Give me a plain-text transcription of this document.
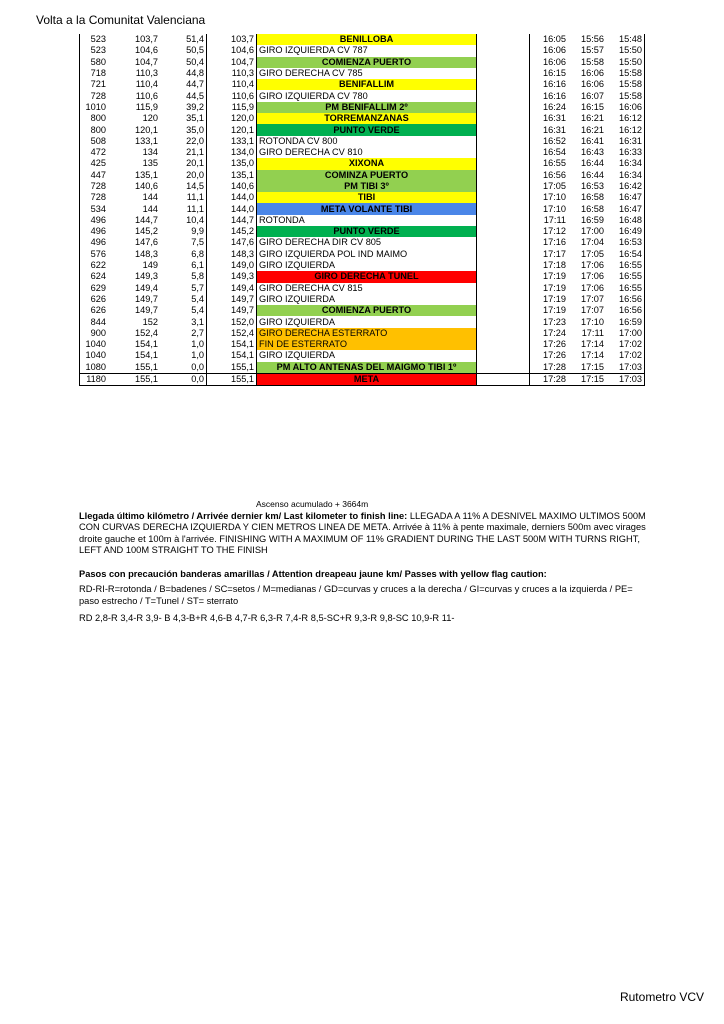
Volta a la Comunitat Valenciana
523	103,7	51,4	103,7	BENILLOBA		16:05	15:56	15:48
523	104,6	50,5	104,6	GIRO IZQUIERDA CV 787		16:06	15:57	15:50
580	104,7	50,4	104,7	COMIENZA PUERTO		16:06	15:58	15:50
718	110,3	44,8	110,3	GIRO DERECHA CV 785		16:15	16:06	15:58
721	110,4	44,7	110,4	BENIFALLIM		16:16	16:06	15:58
728	110,6	44,5	110,6	GIRO IZQUIERDA CV 780		16:16	16:07	15:58
1010	115,9	39,2	115,9	PM BENIFALLIM 2º		16:24	16:15	16:06
800	120	35,1	120,0	TORREMANZANAS		16:31	16:21	16:12
800	120,1	35,0	120,1	PUNTO VERDE		16:31	16:21	16:12
508	133,1	22,0	133,1	ROTONDA CV 800		16:52	16:41	16:31
472	134	21,1	134,0	GIRO DERECHA CV 810		16:54	16:43	16:33
425	135	20,1	135,0	XIXONA		16:55	16:44	16:34
447	135,1	20,0	135,1	COMINZA PUERTO		16:56	16:44	16:34
728	140,6	14,5	140,6	PM TIBI 3º		17:05	16:53	16:42
728	144	11,1	144,0	TIBI		17:10	16:58	16:47
534	144	11,1	144,0	META VOLANTE TIBI		17:10	16:58	16:47
496	144,7	10,4	144,7	ROTONDA		17:11	16:59	16:48
496	145,2	9,9	145,2	PUNTO VERDE		17:12	17:00	16:49
496	147,6	7,5	147,6	GIRO DERECHA DIR CV 805		17:16	17:04	16:53
576	148,3	6,8	148,3	GIRO IZQUIERDA POL IND MAIMO		17:17	17:05	16:54
622	149	6,1	149,0	GIRO IZQUIERDA		17:18	17:06	16:55
624	149,3	5,8	149,3	GIRO DERECHA TUNEL		17:19	17:06	16:55
629	149,4	5,7	149,4	GIRO DERECHA CV 815		17:19	17:06	16:55
626	149,7	5,4	149,7	GIRO IZQUIERDA		17:19	17:07	16:56
626	149,7	5,4	149,7	COMIENZA PUERTO		17:19	17:07	16:56
844	152	3,1	152,0	GIRO IZQUIERDA		17:23	17:10	16:59
900	152,4	2,7	152,4	GIRO DERECHA ESTERRATO		17:24	17:11	17:00
1040	154,1	1,0	154,1	FIN DE ESTERRATO		17:26	17:14	17:02
1040	154,1	1,0	154,1	GIRO IZQUIERDA		17:26	17:14	17:02
1080	155,1	0,0	155,1	PM ALTO ANTENAS DEL MAIGMO TIBI 1º		17:28	17:15	17:03
1180	155,1	0,0	155,1	META		17:28	17:15	17:03
Ascenso acumulado + 3664m

Llegada último kilómetro / Arrivée dernier km/ Last kilometer to finish line: LLEGADA A 11% A DESNIVEL MAXIMO ULTIMOS 500M CON CURVAS DERECHA IZQUIERDA Y CIEN METROS LINEA DE META. Arrivée à 11% à pente maximale, derniers 500m avec virages droite gauche et 100m à l'arrivée. FINISHING WITH A MAXIMUM OF 11% GRADIENT DURING THE LAST 500M WITH TURNS RIGHT, LEFT AND 100M STRAIGHT TO THE FINISH

Pasos con precaución banderas amarillas / Attention dreapeau jaune km/ Passes with yellow flag caution:

RD-RI-R=rotonda / B=badenes / SC=setos / M=medianas / GD=curvas y cruces a la derecha / GI=curvas y cruces a la izquierda / PE= paso estrecho / T=Tunel / ST= sterrato

RD 2,8-R 3,4-R 3,9- B 4,3-B+R 4,6-B 4,7-R 6,3-R 7,4-R 8,5-SC+R 9,3-R 9,8-SC 10,9-R 11-

Rutometro VCV
